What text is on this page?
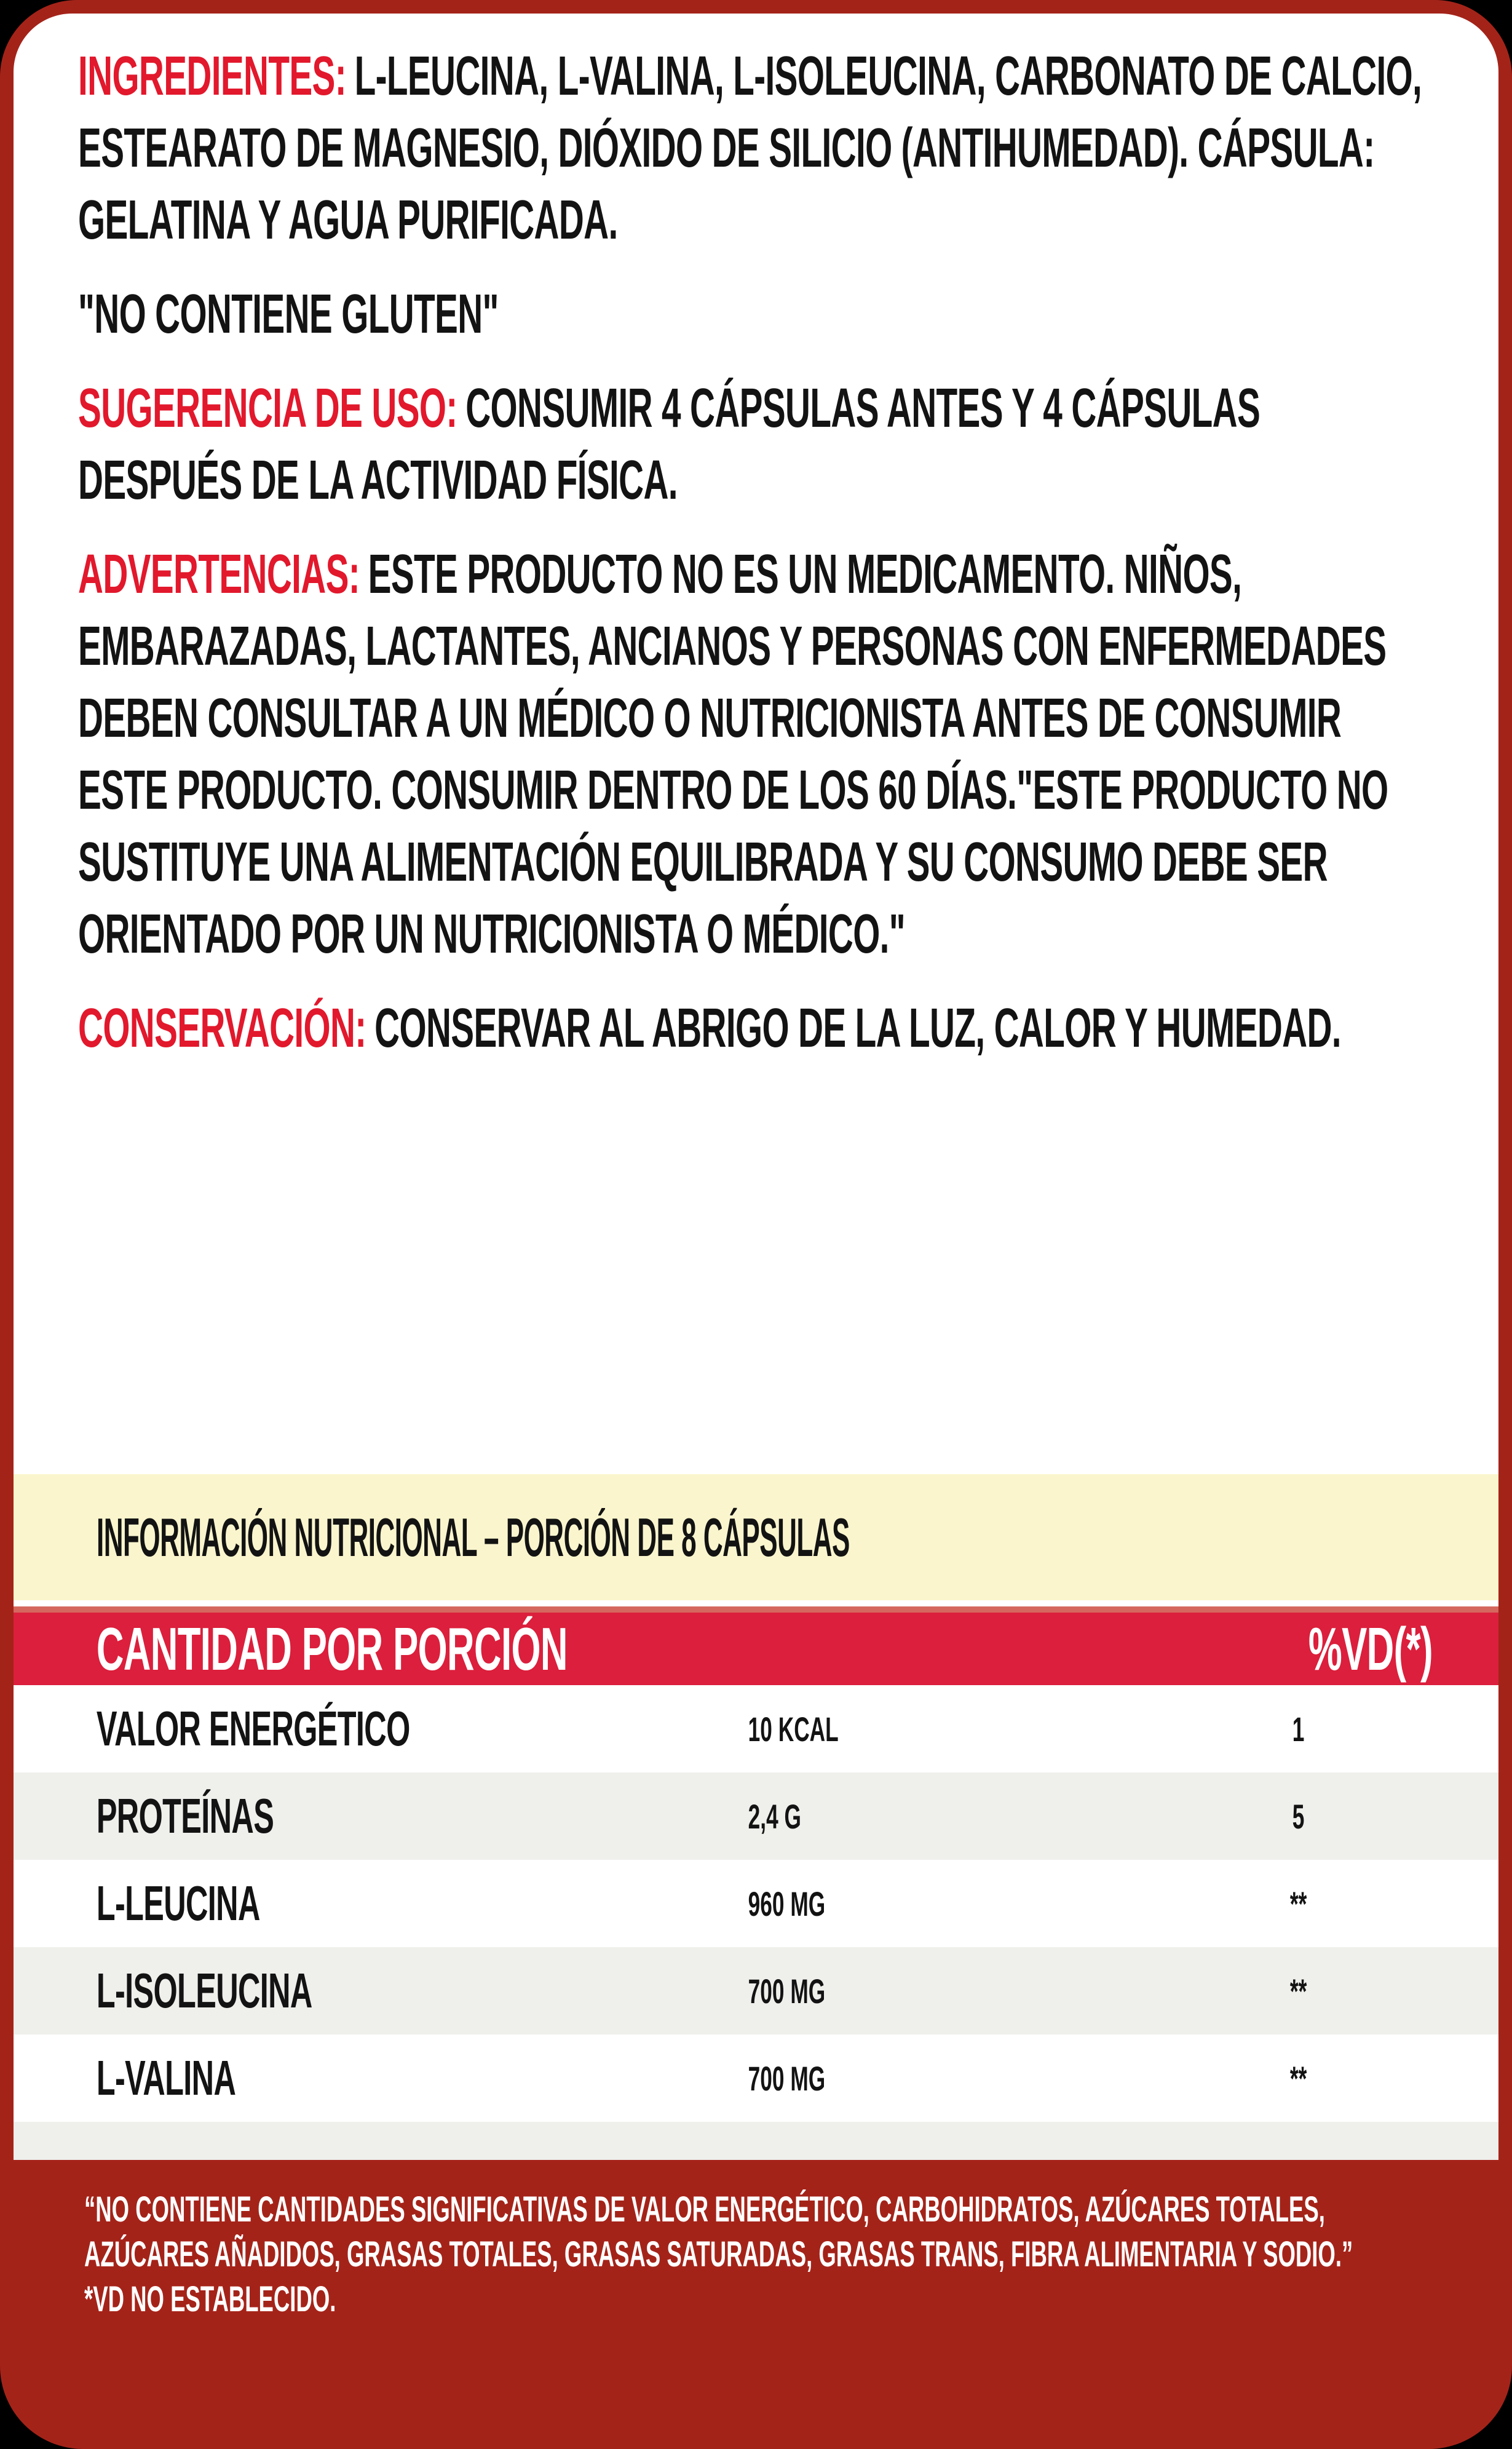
INGREDIENTES: L-LEUCINA, L-VALINA, L-ISOLEUCINA, CARBONATO DE CALCIO, ESTEARATO DE MAGNESIO, DIÓXIDO DE SILICIO (ANTIHUMEDAD). CÁPSULA: GELATINA Y AGUA PURIFICADA.

"NO CONTIENE GLUTEN"

SUGERENCIA DE USO: CONSUMIR 4 CÁPSULAS ANTES Y 4 CÁPSULAS DESPUÉS DE LA ACTIVIDAD FÍSICA.

ADVERTENCIAS: ESTE PRODUCTO NO ES UN MEDICAMENTO. NIÑOS, EMBARAZADAS, LACTANTES, ANCIANOS Y PERSONAS CON ENFERMEDADES DEBEN CONSULTAR A UN MÉDICO O NUTRICIONISTA ANTES DE CONSUMIR ESTE PRODUCTO. CONSUMIR DENTRO DE LOS 60 DÍAS."ESTE PRODUCTO NO SUSTITUYE UNA ALIMENTACIÓN EQUILIBRADA Y SU CONSUMO DEBE SER ORIENTADO POR UN NUTRICIONISTA O MÉDICO."

CONSERVACIÓN: CONSERVAR AL ABRIGO DE LA LUZ, CALOR Y HUMEDAD.

INFORMACIÓN NUTRICIONAL – PORCIÓN DE 8 CÁPSULAS
CANTIDAD POR PORCIÓN	%VD(*)
VALOR ENERGÉTICO	10 KCAL	1
PROTEÍNAS	2,4 G	5
L-LEUCINA	960 MG	**
L-ISOLEUCINA	700 MG	**
L-VALINA	700 MG	**

“NO CONTIENE CANTIDADES SIGNIFICATIVAS DE VALOR ENERGÉTICO, CARBOHIDRATOS, AZÚCARES TOTALES, AZÚCARES AÑADIDOS, GRASAS TOTALES, GRASAS SATURADAS, GRASAS TRANS, FIBRA ALIMENTARIA Y SODIO.”

*VD NO ESTABLECIDO.
